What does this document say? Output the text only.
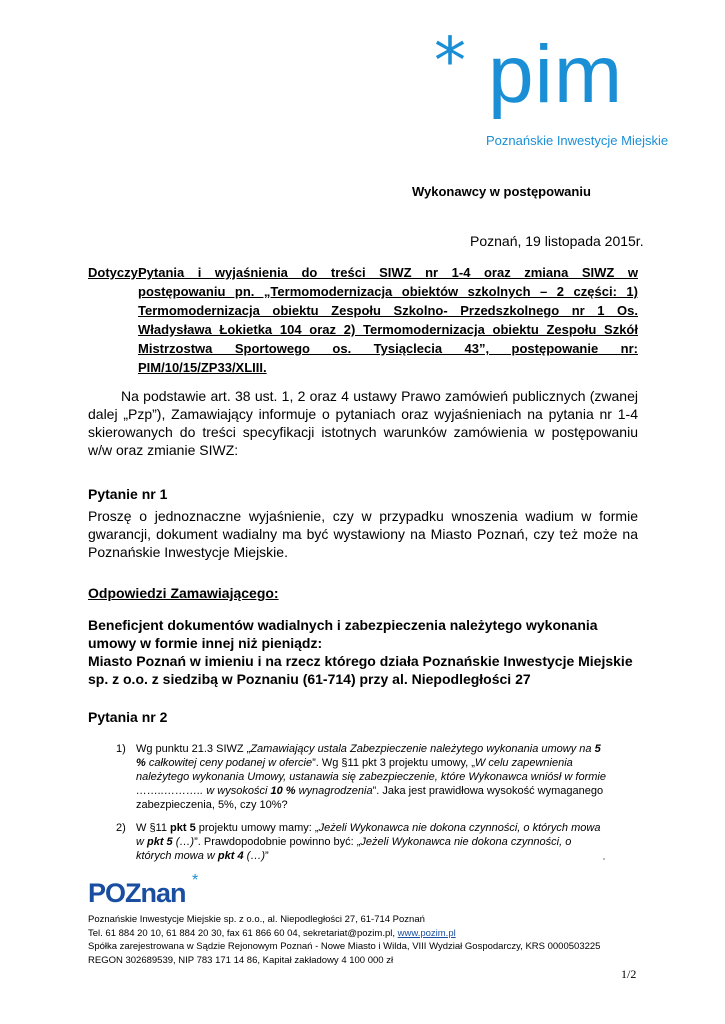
* pim
Poznańskie Inwestycje Miejskie
Wykonawcy w postępowaniu
Poznań, 19 listopada 2015r.
Dotyczy:
Pytania i wyjaśnienia do treści SIWZ nr 1-4 oraz zmiana SIWZ w
postępowaniu pn. „Termomodernizacja obiektów szkolnych – 2 części: 1)
Termomodernizacja obiektu Zespołu Szkolno- Przedszkolnego nr 1 Os.
Władysława Łokietka 104 oraz 2) Termomodernizacja obiektu Zespołu Szkół
Mistrzostwa Sportowego os. Tysiąclecia 43”, postępowanie nr:
PIM/10/15/ZP33/XLIII.
Na podstawie art. 38 ust. 1, 2 oraz 4 ustawy Prawo zamówień publicznych (zwanej dalej „Pzp”), Zamawiający informuje o pytaniach oraz wyjaśnieniach na pytania nr 1-4 skierowanych do treści specyfikacji istotnych warunków zamówienia w postępowaniu w/w oraz zmianie SIWZ:
Pytanie nr 1
Proszę o jednoznaczne wyjaśnienie, czy w przypadku wnoszenia wadium w formie gwarancji, dokument wadialny ma być wystawiony na Miasto Poznań, czy też może na Poznańskie Inwestycje Miejskie.
Odpowiedzi Zamawiającego:
Beneficjent dokumentów wadialnych i zabezpieczenia należytego wykonania umowy w formie innej niż pieniądz:
Miasto Poznań w imieniu i na rzecz którego działa Poznańskie Inwestycje Miejskie sp. z o.o. z siedzibą w Poznaniu (61-714) przy al. Niepodległości 27
Pytania nr 2
1) Wg punktu 21.3 SIWZ „Zamawiający ustala Zabezpieczenie należytego wykonania umowy na 5 % całkowitej ceny podanej w ofercie”. Wg §11 pkt 3 projektu umowy, „W celu zapewnienia należytego wykonania Umowy, ustanawia się zabezpieczenie, które Wykonawca wniósł w formie ……..……….. w wysokości 10 % wynagrodzenia”. Jaka jest prawidłowa wysokość wymaganego zabezpieczenia, 5%, czy 10%?
2) W §11 pkt 5 projektu umowy mamy: „Jeżeli Wykonawca nie dokona czynności, o których mowa w pkt 5 (…)”. Prawdopodobnie powinno być: „Jeżeli Wykonawca nie dokona czynności, o których mowa w pkt 4 (…)”
POZnan *
Poznańskie Inwestycje Miejskie sp. z o.o., al. Niepodległości 27, 61-714 Poznań
Tel. 61 884 20 10, 61 884 20 30, fax 61 866 60 04, sekretariat@pozim.pl, www.pozim.pl
Spółka zarejestrowana w Sądzie Rejonowym Poznań - Nowe Miasto i Wilda, VIII Wydział Gospodarczy, KRS 0000503225
REGON 302689539, NIP 783 171 14 86, Kapitał zakładowy 4 100 000 zł
1/2
